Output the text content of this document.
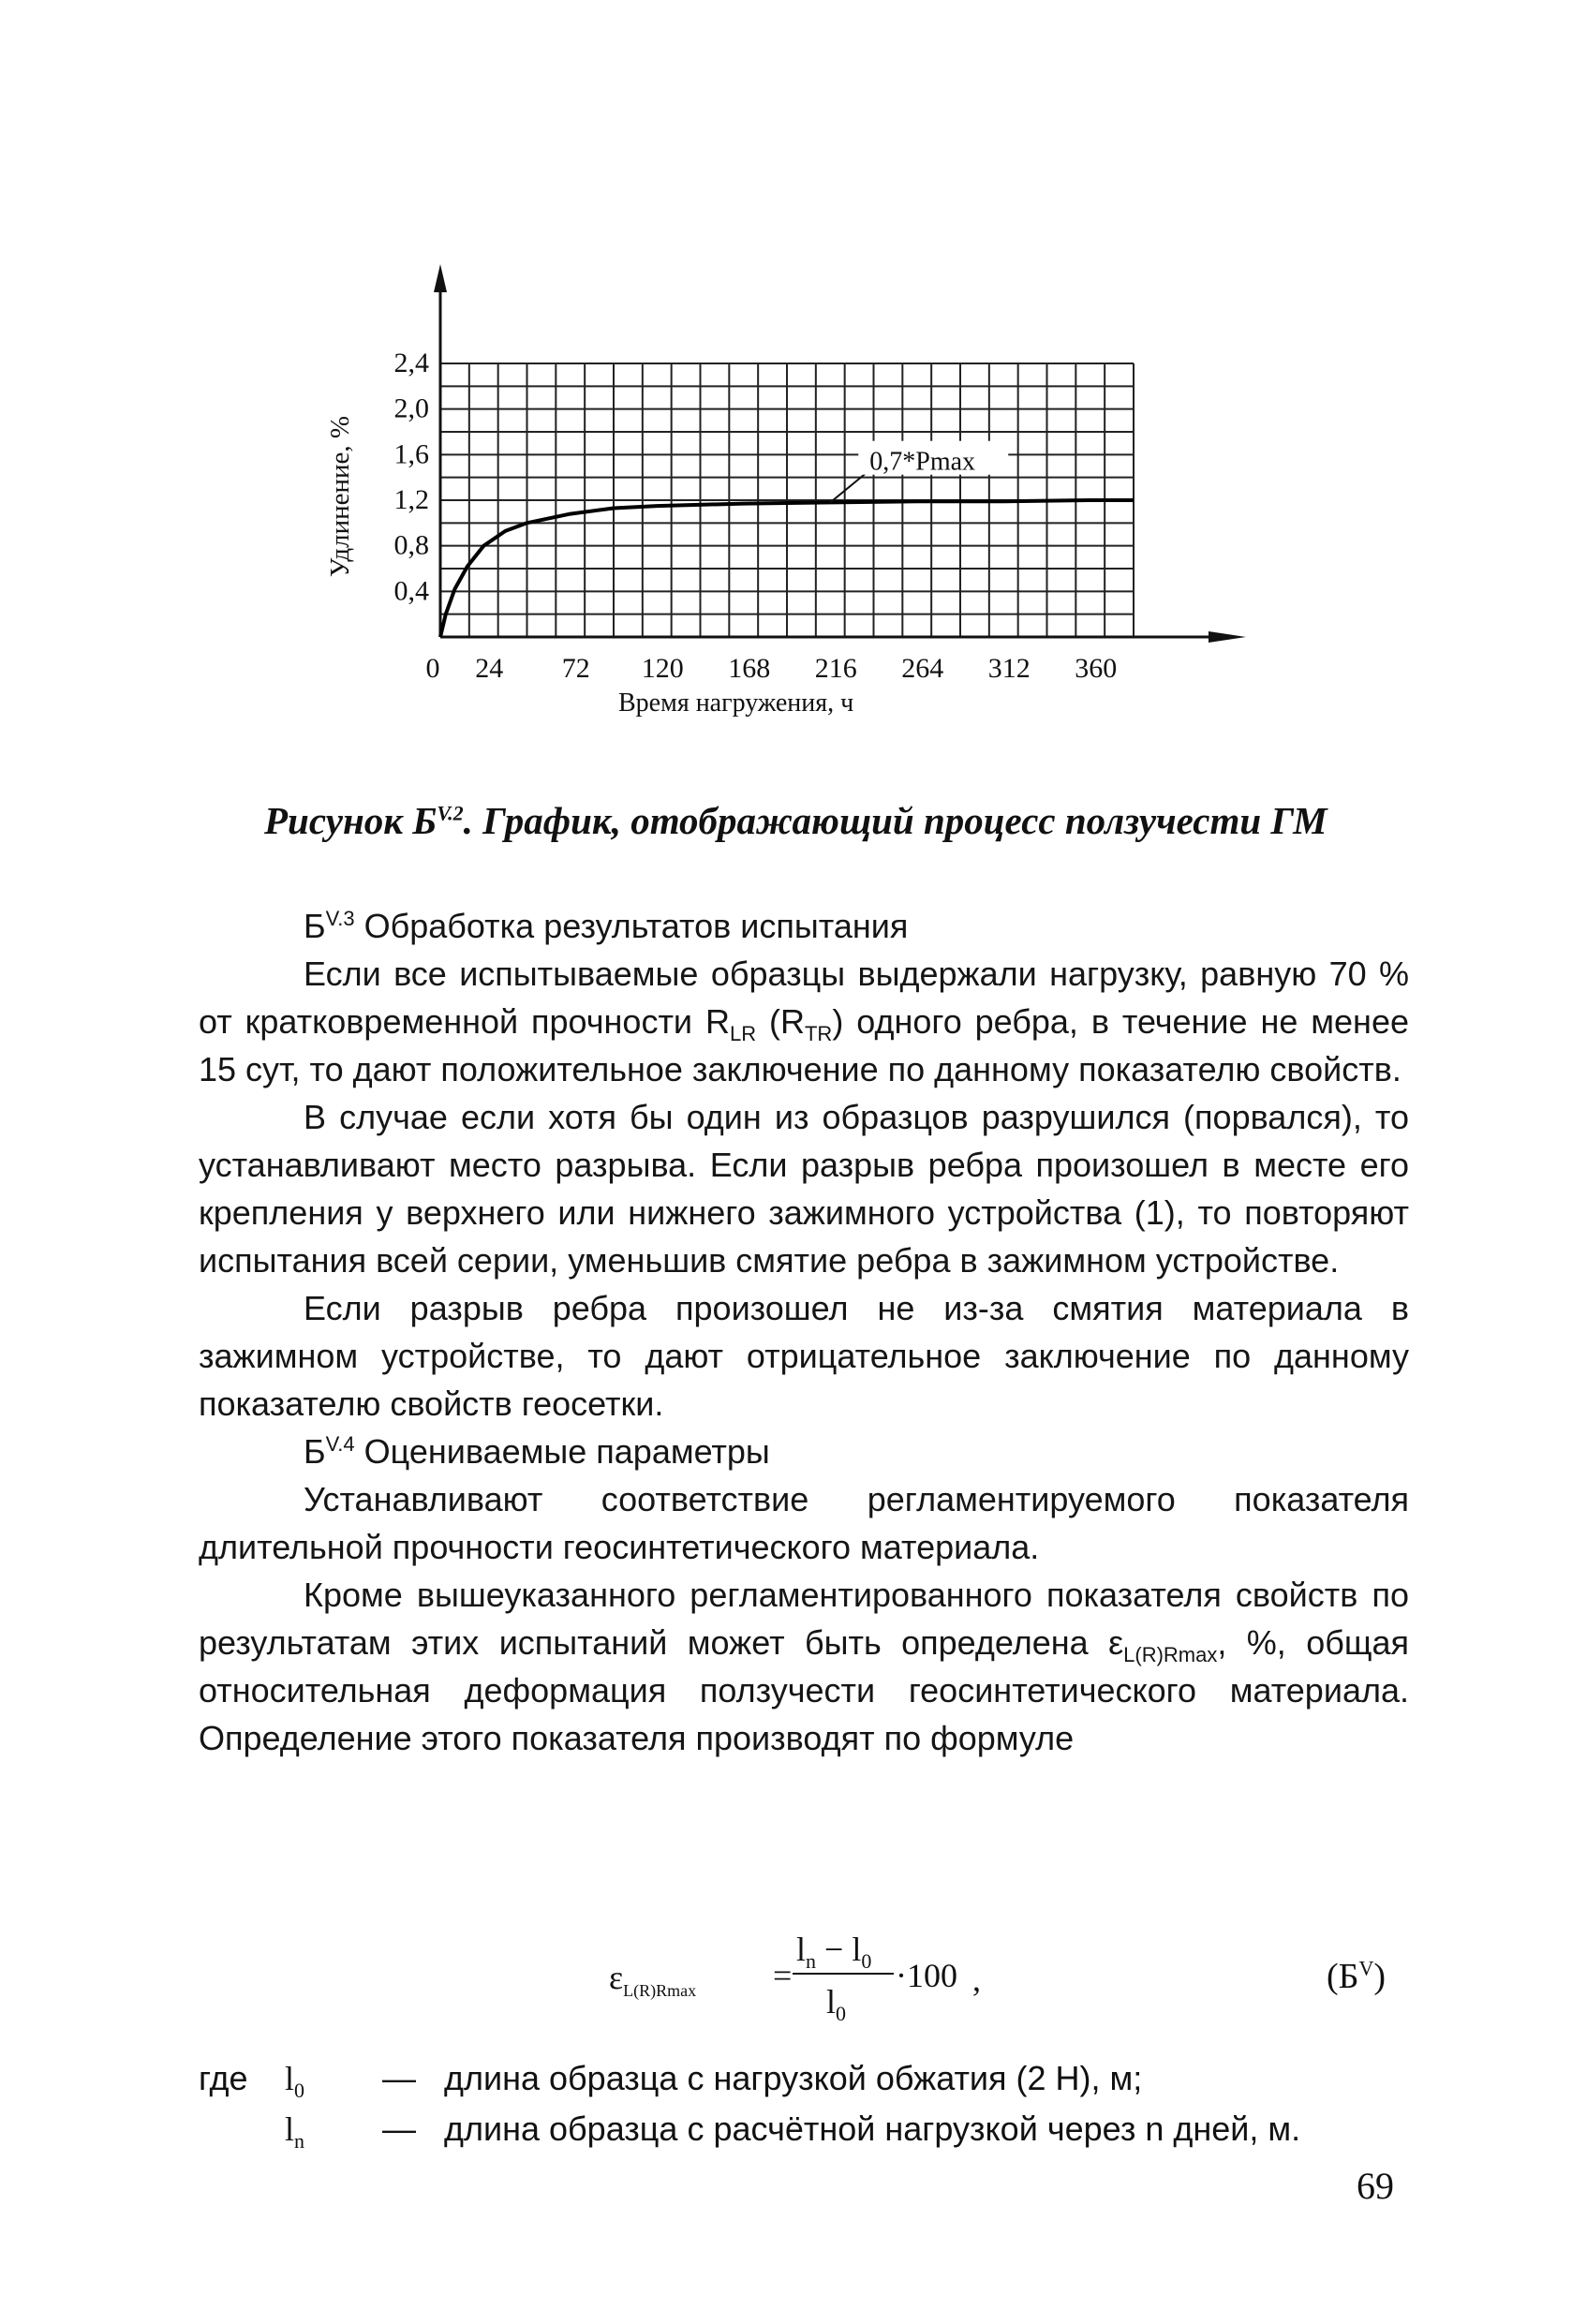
0,4
0,8
1,2
1,6
2,0
2,4
0 24 72 120 168 216 264 312 360
Удлинение, %	0,7*Pmax
Время нагружения, ч
Рисунок $Б^{V.2}$. График, отображающий процесс ползучести ГМ

$Б^{V.3}$ Обработка результатов испытания

Если все испытываемые образцы выдержали нагрузку, равную 70 % от кратковременной прочности $R_{LR}$ $(R_{TR})$ одного ребра, в течение не менее 15 сут, то дают положительное заключение по данному показателю свойств.

В случае если хотя бы один из образцов разрушился (порвался), то устанавливают место разрыва. Если разрыв ребра произошел в месте его крепления у верхнего или нижнего зажимного устройства (1), то повторяют испытания всей серии, уменьшив смятие ребра в зажимном устройстве.

Если разрыв ребра произошел не из-за смятия материала в зажимном устройстве, то дают отрицательное заключение по данному показателю свойств геосетки.

$Б^{V.4}$ Оцениваемые параметры

Устанавливают соответствие регламентируемого показателя длительной прочности геосинтетического материала.

Кроме вышеуказанного регламентированного показателя свойств по результатам этих испытаний может быть определена $\varepsilon_{L(R)Rmax}$, %, общая относительная деформация ползучести геосинтетического материала. Определение этого показателя производят по формуле

$\varepsilon_{L(R)Rmax}$ =
$l_n - l_0$
$l_0$
·100 ,	$(Б^V)$
где $l_0$ — длина образца с нагрузкой обжатия (2 Н), м;
$l_n$ — длина образца с расчётной нагрузкой через n дней, м.
69
